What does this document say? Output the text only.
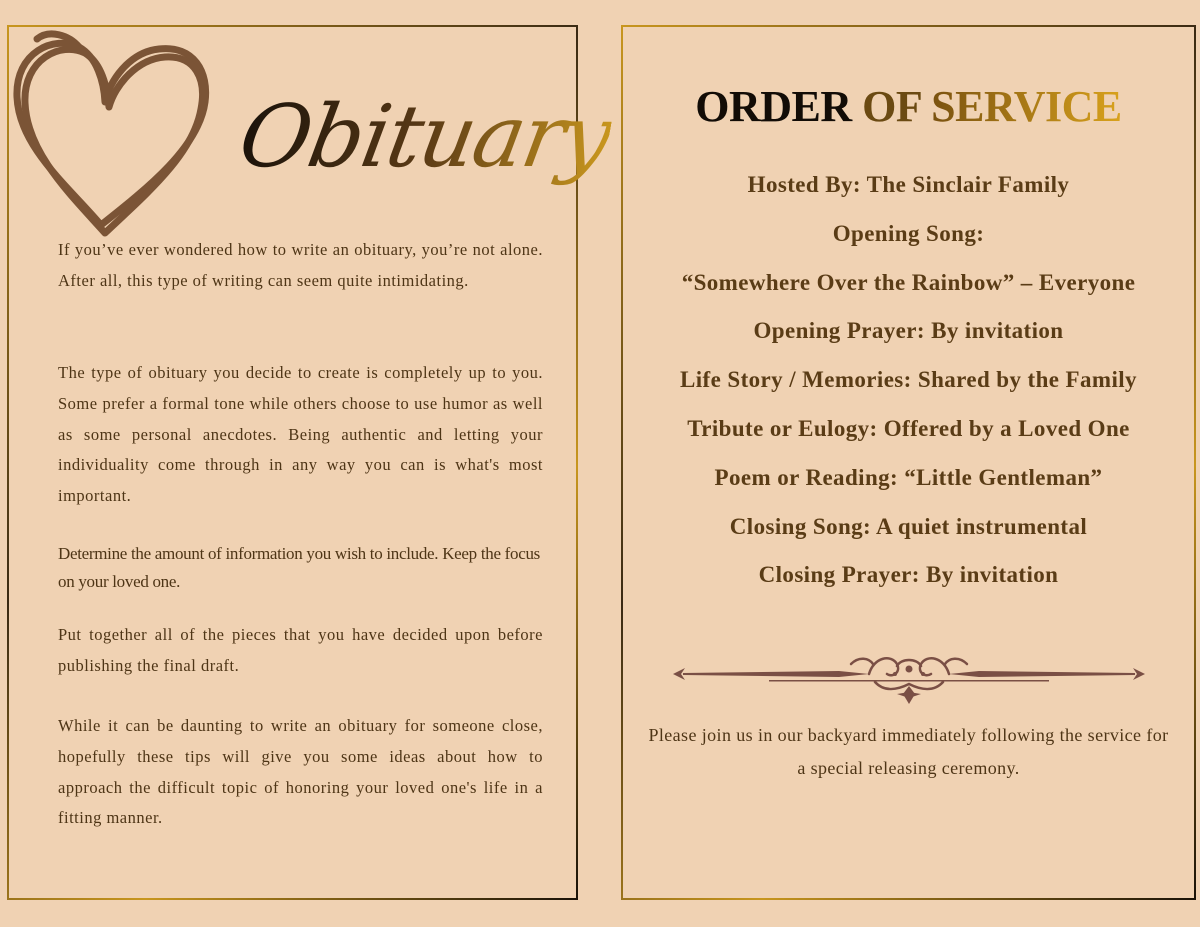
Obituary
If you’ve ever wondered how to write an obituary, you’re not alone. After all, this type of writing can seem quite intimidating.
The type of obituary you decide to create is completely up to you. Some prefer a formal tone while others choose to use humor as well as some personal anecdotes. Being authentic and letting your individuality come through in any way you can is what's most important.
Determine the amount of information you wish to include. Keep the focus on your loved one.
Put together all of the pieces that you have decided upon before publishing the final draft.
While it can be daunting to write an obituary for someone close, hopefully these tips will give you some ideas about how to approach the difficult topic of honoring your loved one's life in a fitting manner.
ORDER OF SERVICE
Hosted By: The Sinclair Family
Opening Song:
“Somewhere Over the Rainbow” – Everyone
Opening Prayer: By invitation
Life Story / Memories: Shared by the Family
Tribute or Eulogy: Offered by a Loved One
Poem or Reading: “Little Gentleman”
Closing Song: A quiet instrumental
Closing Prayer: By invitation
Please join us in our backyard immediately following the service for a special releasing ceremony.
